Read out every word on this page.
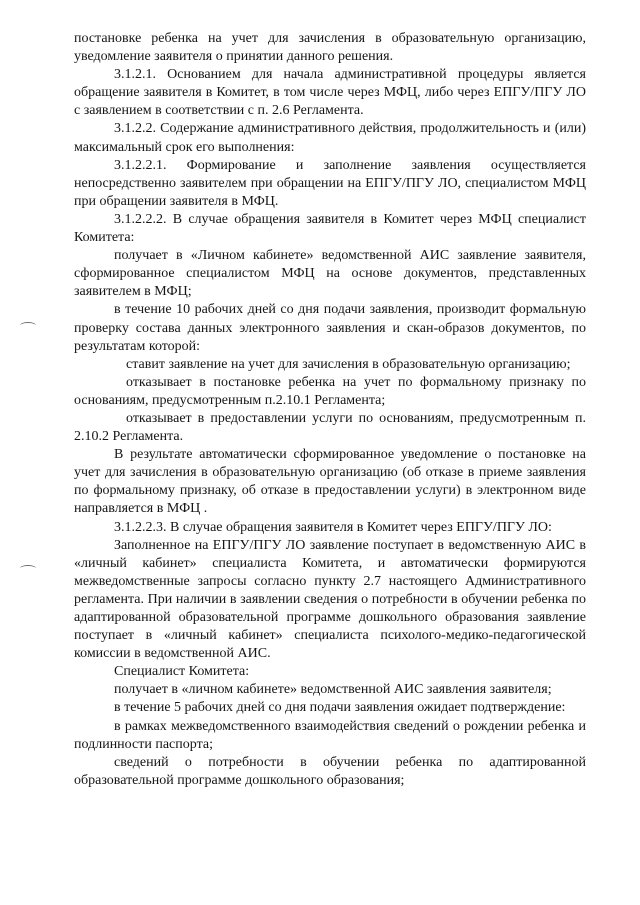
постановке ребенка на учет для зачисления в образовательную организацию, уведомление заявителя о принятии данного решения.

3.1.2.1. Основанием для начала административной процедуры является обращение заявителя в Комитет, в том числе через МФЦ, либо через ЕПГУ/ПГУ ЛО с заявлением в соответствии с п. 2.6 Регламента.

3.1.2.2. Содержание административного действия, продолжительность и (или) максимальный срок его выполнения:

3.1.2.2.1. Формирование и заполнение заявления осуществляется непосредственно заявителем при обращении на ЕПГУ/ПГУ ЛО, специалистом МФЦ при обращении заявителя в МФЦ.

3.1.2.2.2. В случае обращения заявителя в Комитет через МФЦ специалист Комитета:

получает в «Личном кабинете» ведомственной АИС заявление заявителя, сформированное специалистом МФЦ на основе документов, представленных заявителем в МФЦ;

в течение 10 рабочих дней со дня подачи заявления, производит формальную проверку состава данных электронного заявления и скан-образов документов, по результатам которой:

ставит заявление на учет для зачисления в образовательную организацию;

отказывает в постановке ребенка на учет по формальному признаку по основаниям, предусмотренным п.2.10.1 Регламента;

отказывает в предоставлении услуги по основаниям, предусмотренным п. 2.10.2 Регламента.

В результате автоматически сформированное уведомление о постановке на учет для зачисления в образовательную организацию (об отказе в приеме заявления по формальному признаку, об отказе в предоставлении услуги) в электронном виде направляется в МФЦ .

3.1.2.2.3. В случае обращения заявителя в Комитет через ЕПГУ/ПГУ ЛО:

Заполненное на ЕПГУ/ПГУ ЛО заявление поступает в ведомственную АИС в «личный кабинет» специалиста Комитета, и автоматически формируются межведомственные запросы согласно пункту 2.7 настоящего Административного регламента. При наличии в заявлении сведения о потребности в обучении ребенка по адаптированной образовательной программе дошкольного образования заявление поступает в «личный кабинет» специалиста психолого-медико-педагогической комиссии в ведомственной АИС.

Специалист Комитета:

получает в «личном кабинете» ведомственной АИС заявления заявителя;

в течение 5 рабочих дней со дня подачи заявления ожидает подтверждение:

в рамках межведомственного взаимодействия сведений о рождении ребенка и подлинности паспорта;

сведений о потребности в обучении ребенка по адаптированной образовательной программе дошкольного образования;
